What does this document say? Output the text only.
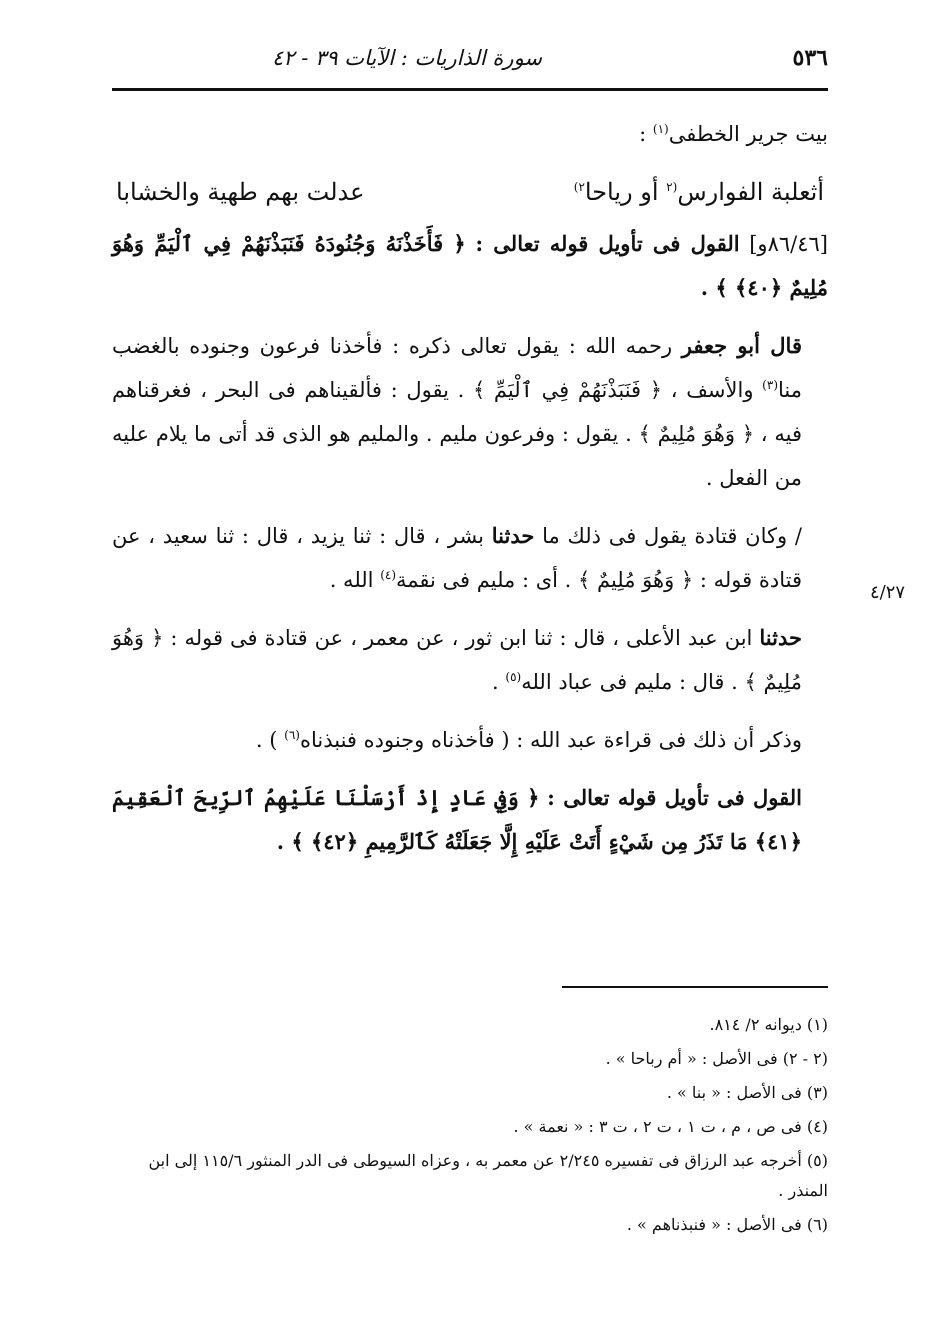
٥٣٦
سورة الذاريات : الآيات ٣٩ - ٤٢
٤/٢٧

بيت جرير الخطفى$^{(١)}$ :

أثعلبة الفوارس$^{(٢}$ أو رياحا$^{٢)}$
عدلت بهم طهية والخشابا

[٨٦/٤٦و] القول فى تأويل قوله تعالى : ﴿ فَأَخَذْنَهُ وَجُنُودَهُ فَنَبَذْنَهُمْ فِي ٱلْيَمِّ وَهُوَ مُلِيمٌ ﴿٤٠﴾ ﴾ .

قال أبو جعفر رحمه الله : يقول تعالى ذكره : فأخذنا فرعون وجنوده بالغضب منا$^{(٣)}$ والأسف ، ﴿ فَنَبَذْنَهُمْ فِي ٱلْيَمِّ ﴾ . يقول : فألقيناهم فى البحر ، فغرقناهم فيه ، ﴿ وَهُوَ مُلِيمٌ ﴾ . يقول : وفرعون مليم . والمليم هو الذى قد أتى ما يلام عليه من الفعل .

/ وكان قتادة يقول فى ذلك ما حدثنا بشر ، قال : ثنا يزيد ، قال : ثنا سعيد ، عن قتادة قوله : ﴿ وَهُوَ مُلِيمٌ ﴾ . أى : مليم فى نقمة$^{(٤)}$ الله .

حدثنا ابن عبد الأعلى ، قال : ثنا ابن ثور ، عن معمر ، عن قتادة فى قوله : ﴿ وَهُوَ مُلِيمٌ ﴾ . قال : مليم فى عباد الله$^{(٥)}$ .

وذكر أن ذلك فى قراءة عبد الله : ( فأخذناه وجنوده فنبذناه$^{(٦)}$ ) .

القول فى تأويل قوله تعالى : ﴿ وَفِي عَادٍ إِذْ أَرْسَلْنَا عَلَيْهِمُ ٱلرِّيحَ ٱلْعَقِيمَ ﴿٤١﴾ مَا تَذَرُ مِن شَيْءٍ أَتَتْ عَلَيْهِ إِلَّا جَعَلَتْهُ كَٱلرَّمِيمِ ﴿٤٢﴾ ﴾ .

(١) ديوانه ٢/ ٨١٤.

(٢ - ٢) فى الأصل : « أم رباحا » .

(٣) فى الأصل : « بنا » .

(٤) فى ص ، م ، ت ١ ، ت ٢ ، ت ٣ : « نعمة » .

(٥) أخرجه عبد الرزاق فى تفسيره ٢/٢٤٥ عن معمر به ، وعزاه السيوطى فى الدر المنثور ١١٥/٦ إلى ابن المنذر .

(٦) فى الأصل : « فنبذناهم » .
